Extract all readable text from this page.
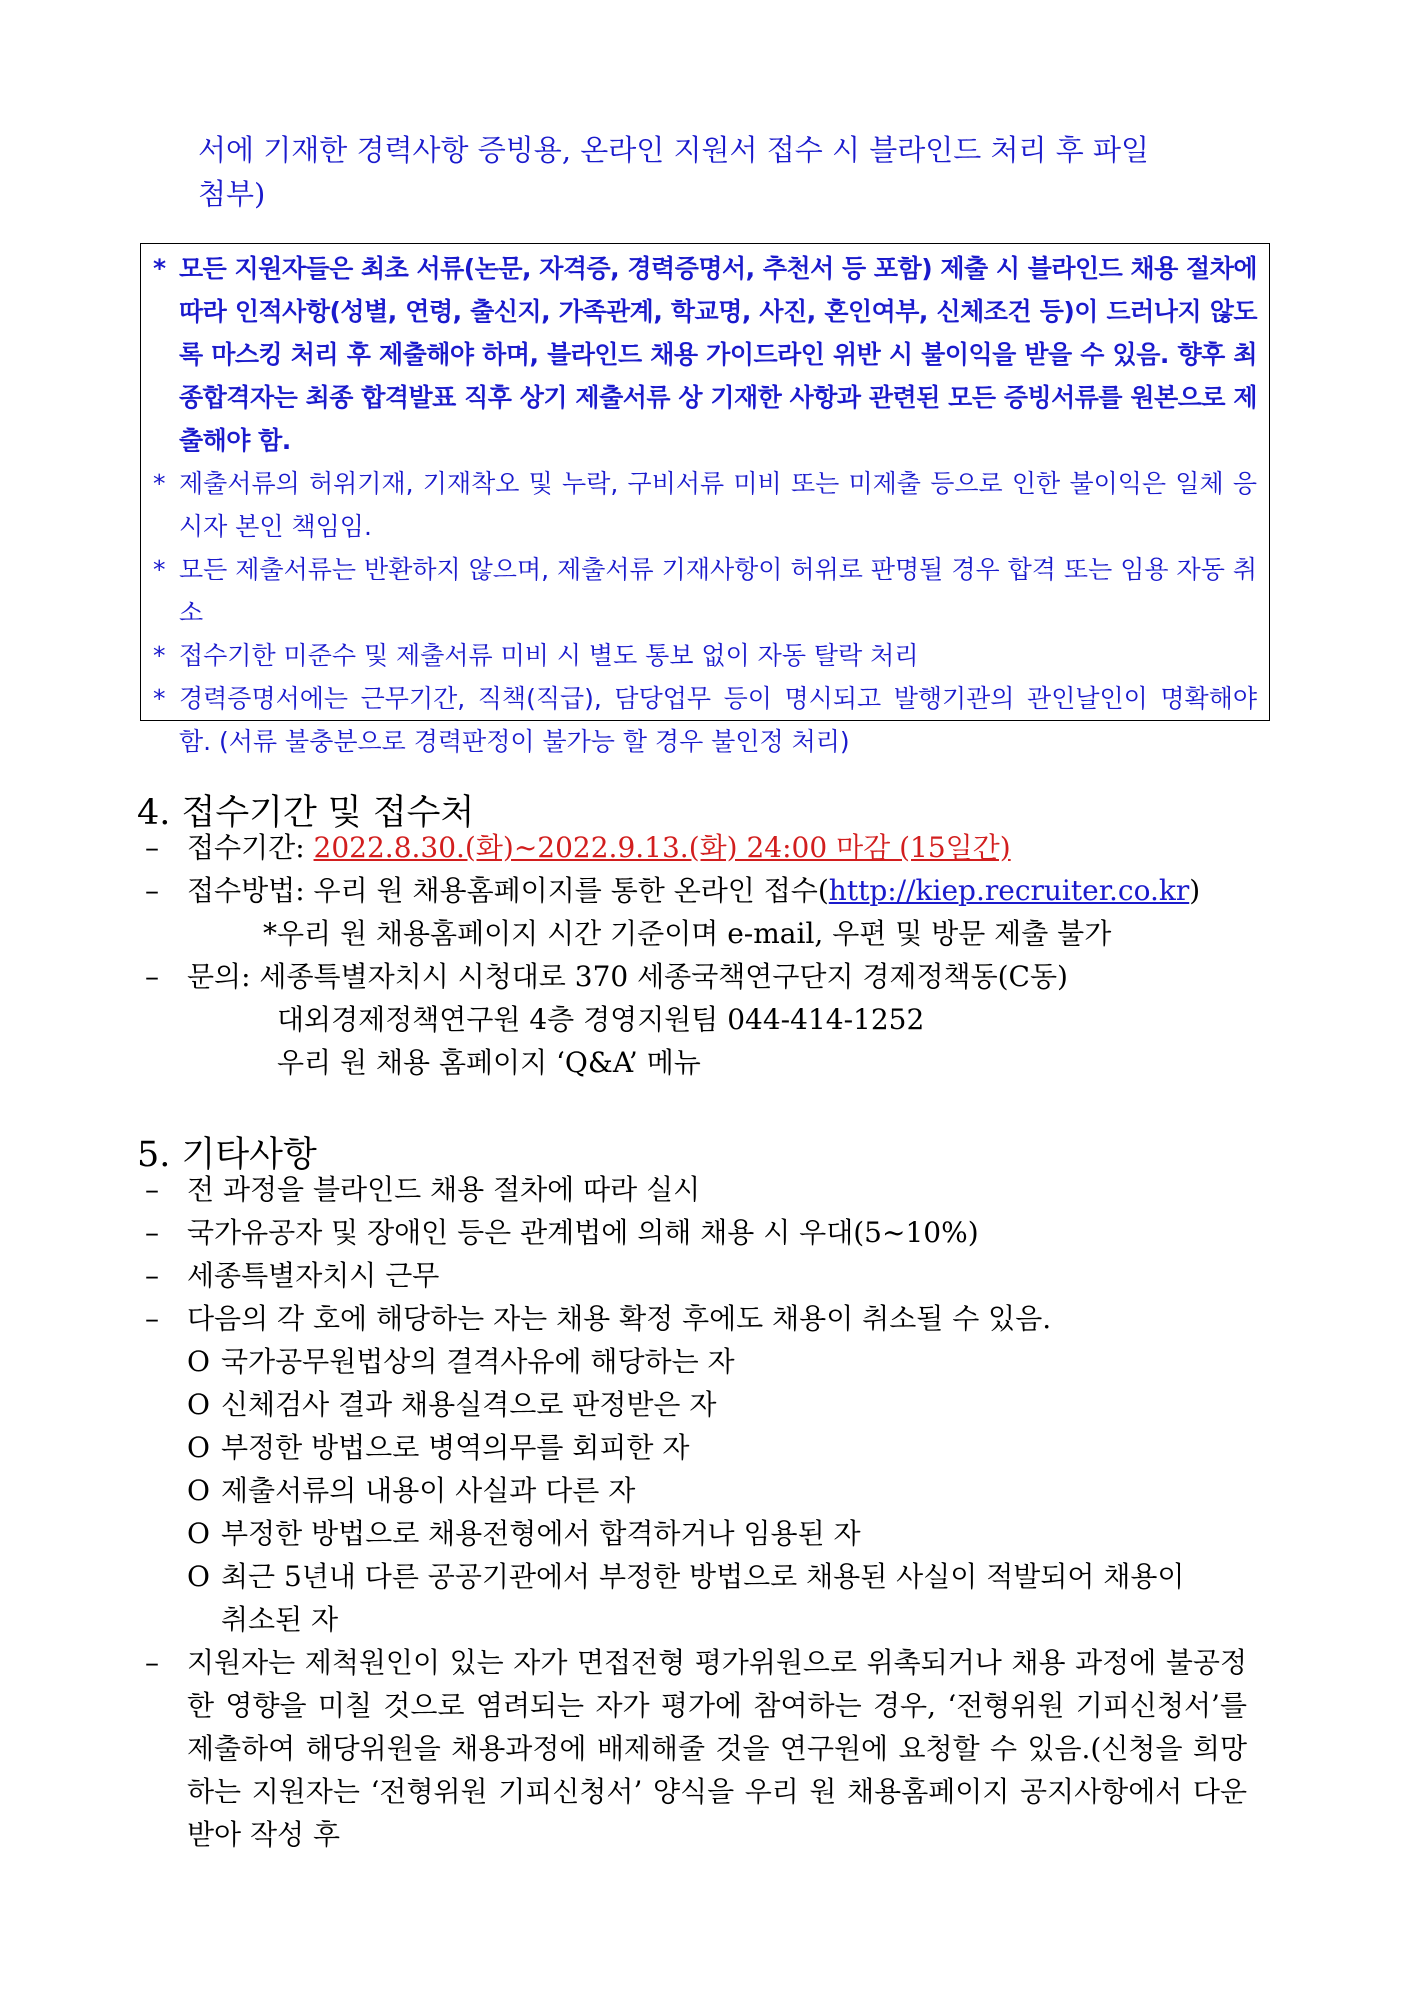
서에 기재한 경력사항 증빙용, 온라인 지원서 접수 시 블라인드 처리 후 파일
첨부)
* 모든 지원자들은 최초 서류(논문, 자격증, 경력증명서, 추천서 등 포함) 제출 시 블라인드 채용 절차에 따라 인적사항(성별, 연령, 출신지, 가족관계, 학교명, 사진, 혼인여부, 신체조건 등)이 드러나지 않도록 마스킹 처리 후 제출해야 하며, 블라인드 채용 가이드라인 위반 시 불이익을 받을 수 있음. 향후 최종합격자는 최종 합격발표 직후 상기 제출서류 상 기재한 사항과 관련된 모든 증빙서류를 원본으로 제출해야 함.
* 제출서류의 허위기재, 기재착오 및 누락, 구비서류 미비 또는 미제출 등으로 인한 불이익은 일체 응시자 본인 책임임.
* 모든 제출서류는 반환하지 않으며, 제출서류 기재사항이 허위로 판명될 경우 합격 또는 임용 자동 취소
* 접수기한 미준수 및 제출서류 미비 시 별도 통보 없이 자동 탈락 처리
* 경력증명서에는 근무기간, 직책(직급), 담당업무 등이 명시되고 발행기관의 관인날인이 명확해야 함. (서류 불충분으로 경력판정이 불가능 할 경우 불인정 처리)
4. 접수기간 및 접수처
– 접수기간: 2022.8.30.(화)~2022.9.13.(화) 24:00 마감 (15일간)
– 접수방법: 우리 원 채용홈페이지를 통한 온라인 접수(http://kiep.recruiter.co.kr)
*우리 원 채용홈페이지 시간 기준이며 e-mail, 우편 및 방문 제출 불가
– 문의: 세종특별자치시 시청대로 370 세종국책연구단지 경제정책동(C동)
대외경제정책연구원 4층 경영지원팀 044-414-1252
우리 원 채용 홈페이지 ‘Q&A’ 메뉴
5. 기타사항
– 전 과정을 블라인드 채용 절차에 따라 실시
– 국가유공자 및 장애인 등은 관계법에 의해 채용 시 우대(5~10%)
– 세종특별자치시 근무
– 다음의 각 호에 해당하는 자는 채용 확정 후에도 채용이 취소될 수 있음.
O 국가공무원법상의 결격사유에 해당하는 자
O 신체검사 결과 채용실격으로 판정받은 자
O 부정한 방법으로 병역의무를 회피한 자
O 제출서류의 내용이 사실과 다른 자
O 부정한 방법으로 채용전형에서 합격하거나 임용된 자
O 최근 5년내 다른 공공기관에서 부정한 방법으로 채용된 사실이 적발되어 채용이
취소된 자
–	지원자는 제척원인이 있는 자가 면접전형 평가위원으로 위촉되거나 채용 과정에 불공정한 영향을 미칠 것으로 염려되는 자가 평가에 참여하는 경우, ‘전형위원 기피신청서’를 제출하여 해당위원을 채용과정에 배제해줄 것을 연구원에 요청할 수 있음.(신청을 희망하는 지원자는 ‘전형위원 기피신청서’ 양식을 우리 원 채용홈페이지 공지사항에서 다운받아 작성 후
